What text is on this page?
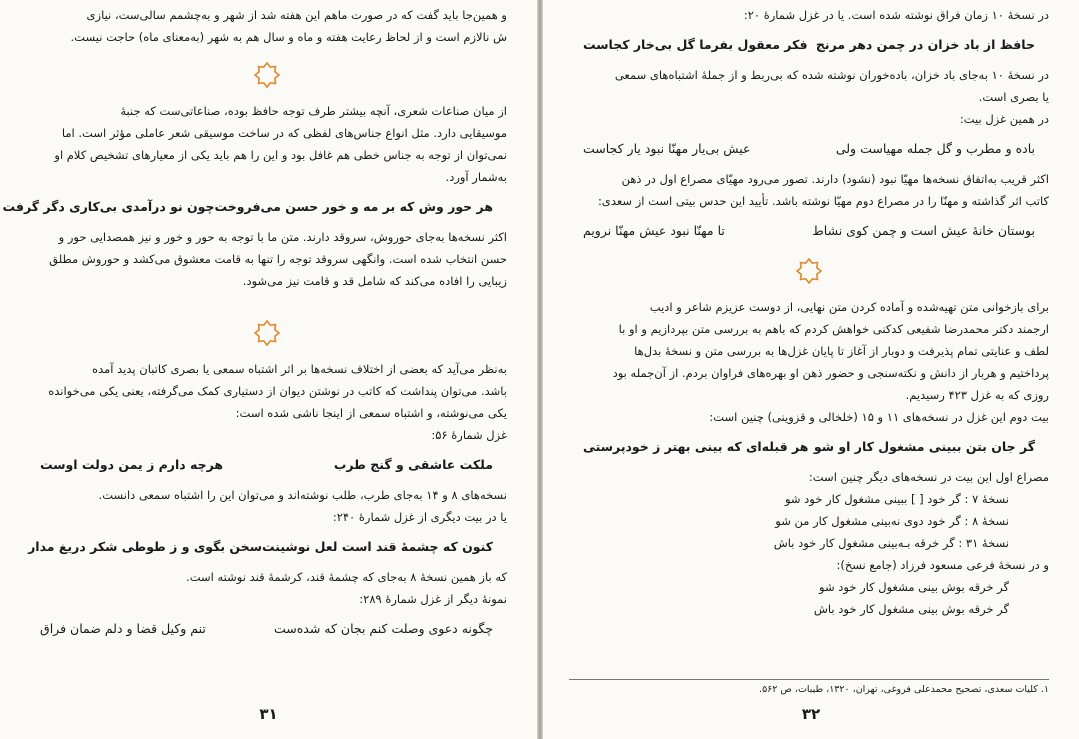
و همین‌جا باید گفت که در صورت ماهم این هفته شد از شهر و به‌چشمم سالی‌ست، نیازی

ش نالازم است و از لحاظ رعایت هفته و ماه و سال هم به شهر (به‌معنای ماه) حاجت نیست.

از میان صناعات شعری، آنچه بیشتر طرف توجه حافظ بوده، صناعاتی‌ست که جنبهٔ

موسیقایی دارد. مثل انواع جناس‌های لفظی که در ساخت موسیقی شعر عاملی مؤثر است. اما

نمی‌توان از توجه به جناس خطی هم غافل بود و این را هم باید یکی از معیارهای تشخیص کلام او

به‌شمار آورد.

هر حور وش که بر مه و خور حسن می‌فروخت
چون نو درآمدی بی‌کاری دگر گرفت

اکثر نسخه‌ها به‌جای حوروش، سروقد دارند. متن ما با توجه به حور و خور و نیز همصدایی حور و

حسن انتخاب شده است. وانگهی سروقد توجه را تنها به قامت معشوق می‌کشد و حوروش مطلق

زیبایی را افاده می‌کند که شامل قد و قامت نیز می‌شود.

به‌نظر می‌آید که بعضی از اختلاف نسخه‌ها بر اثر اشتباه سمعی یا بصری کاتبان پدید آمده

باشد. می‌توان پنداشت که کاتب در نوشتن دیوان از دستیاری کمک می‌گرفته، یعنی یکی می‌خوانده

یکی می‌نوشته، و اشتباه سمعی از اینجا ناشی شده است:

غزل شمارهٔ ۵۶:

ملکت عاشقی و گنج طرب
هرچه دارم ز یمن دولت اوست

نسخه‌های ۸ و ۱۴ به‌جای طرب، طلب نوشته‌اند و می‌توان این را اشتباه سمعی دانست.

یا در بیت دیگری از غزل شمارهٔ ۲۴۰:

کنون که چشمهٔ قند است لعل نوشینت
سخن بگوی و ز طوطی شکر دریغ مدار

که باز همین نسخهٔ ۸ به‌جای که چشمهٔ قند، کرشمهٔ قند نوشته است.

نمونهٔ دیگر از غزل شمارهٔ ۲۸۹:

چگونه دعوی وصلت کنم بجان که شده‌ست
تنم وکیل قضا و دلم ضمان فراق
۳۱

در نسخهٔ ۱۰ زمان فراق نوشته شده است. یا در غزل شمارهٔ ۲۰:

حافظ از باد خزان در چمن دهر مرنج
فکر معقول بفرما گل بی‌خار کجاست

در نسخهٔ ۱۰ به‌جای باد خزان، باده‌خوران نوشته شده که بی‌ربط و از جملهٔ اشتباه‌های سمعی

یا بصری است.

در همین غزل بیت:

باده و مطرب و گل جمله مهیاست ولی
عیش بی‌یار مهنّا نبود یار کجاست

اکثر قریب به‌اتفاق نسخه‌ها مهیّا نبود (نشود) دارند. تصور می‌رود مهیّای مصراع اول در ذهن

کاتب اثر گذاشته و مهنّا را در مصراع دوم مهیّا نوشته باشد. تأیید این حدس بیتی است از سعدی:

بوستان خانهٔ عیش است و چمن کوی نشاط
تا مهنّا نبود عیش مهنّا نرویم

برای بازخوانی متن تهیه‌شده و آماده کردن متن نهایی، از دوست عزیزم شاعر و ادیب

ارجمند دکتر محمدرضا شفیعی کدکنی خواهش کردم که باهم به بررسی متن بپردازیم و او با

لطف و عنایتی تمام پذیرفت و دوبار از آغاز تا پایان غزل‌ها به بررسی متن و نسخهٔ بدل‌ها

پرداختیم و هربار از دانش و نکته‌سنجی و حضور ذهن او بهره‌های فراوان بردم. از آن‌جمله بود

روزی که به غزل ۴۲۳ رسیدیم.

بیت دوم این غزل در نسخه‌های ۱۱ و ۱۵ (خلخالی و قزوینی) چنین است:

گر جان بتن ببینی مشغول کار او شو
هر قبله‌ای که بینی بهتر ز خودپرستی

مصراع اول این بیت در نسخه‌های دیگر چنین است:

نسخهٔ ۷ : گر خود [ ] ببینی مشغول کار خود شو
نسخهٔ ۸ : گر خود دوی نه‌بینی مشغول کار من شو
نسخهٔ ۳۱ : گر خرقه‌ بـه‌بینی مشغول کار خود باش

و در نسخهٔ فرعی مسعود فرزاد (جامع نسخ):

گر خرقه بوش بینی مشغول کار خود شو
گر خرقه بوش بینی مشغول کار خود باش
۱. کلیات سعدی، تصحیح محمدعلی فروغی، تهران، ۱۳۲۰، طیبات، ص ۵۶۲.
۳۲
